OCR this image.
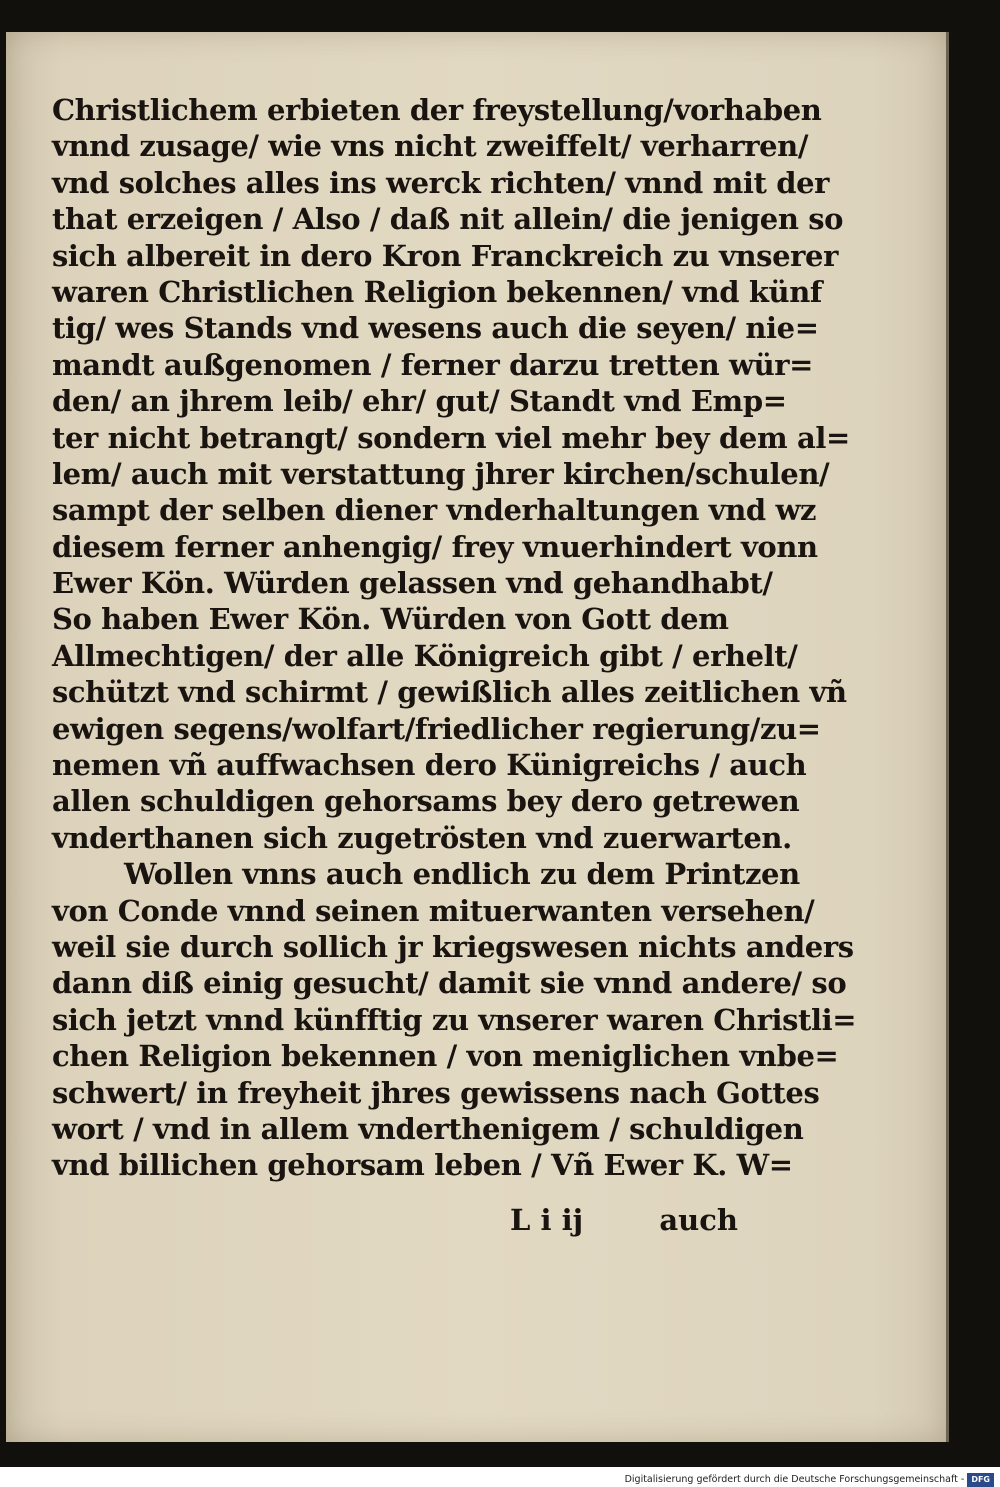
Christlichem erbieten der freystellung/vorhaben
vnnd zusage/ wie vns nicht zweiffelt/ verharren/
vnd solches alles ins werck richten/ vnnd mit der
that erzeigen / Also / daß nit allein/ die jenigen so
sich albereit in dero Kron Franckreich zu vnserer
waren Christlichen Religion bekennen/ vnd künf
tig/ wes Stands vnd wesens auch die seyen/ nie=
mandt außgenomen / ferner darzu tretten wür=
den/ an jhrem leib/ ehr/ gut/ Standt vnd Emp=
ter nicht betrangt/ sondern viel mehr bey dem al=
lem/ auch mit verstattung jhrer kirchen/schulen/
sampt der selben diener vnderhaltungen vnd wz
diesem ferner anhengig/ frey vnuerhindert vonn
Ewer Kön. Würden gelassen vnd gehandhabt/
So haben Ewer Kön. Würden von Gott dem
Allmechtigen/ der alle Königreich gibt / erhelt/
schützt vnd schirmt / gewißlich alles zeitlichen vñ
ewigen segens/wolfart/friedlicher regierung/zu=
nemen vñ auffwachsen dero Künigreichs / auch
allen schuldigen gehorsams bey dero getrewen
vnderthanen sich zugetrösten vnd zuerwarten.
Wollen vnns auch endlich zu dem Printzen
von Conde vnnd seinen mituerwanten versehen/
weil sie durch sollich jr kriegswesen nichts anders
dann diß einig gesucht/ damit sie vnnd andere/ so
sich jetzt vnnd künfftig zu vnserer waren Christli=
chen Religion bekennen / von meniglichen vnbe=
schwert/ in freyheit jhres gewissens nach Gottes
wort / vnd in allem vnderthenigem / schuldigen
vnd billichen gehorsam leben / Vñ Ewer K. W=
L i ij	auch
Digitalisierung gefördert durch die Deutsche Forschungsgemeinschaft - DFG
